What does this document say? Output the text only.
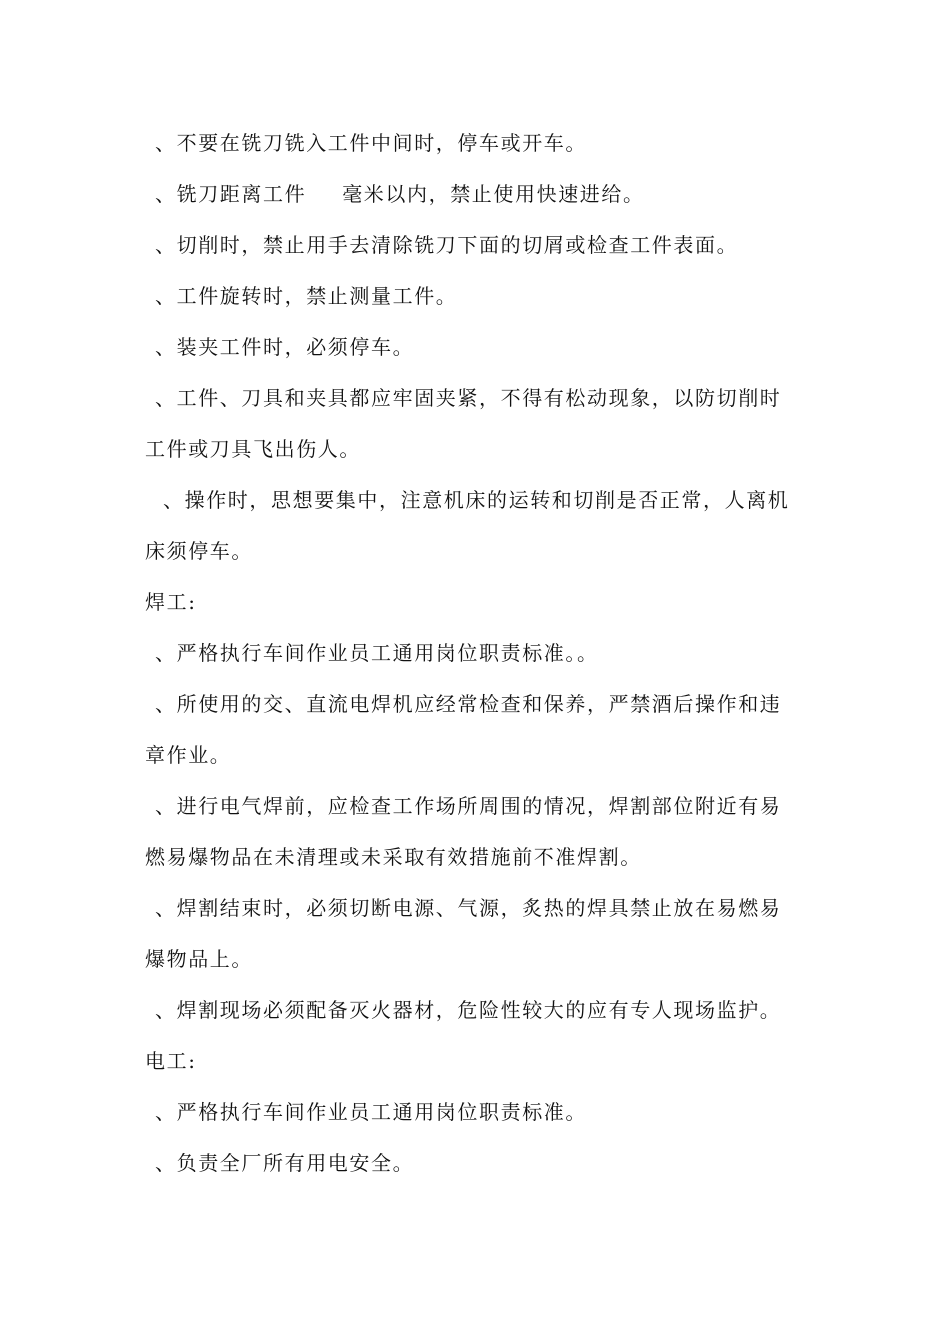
、不要在铣刀铣入工件中间时，停车或开车。
、铣刀距离工件 毫米以内，禁止使用快速进给。
、切削时，禁止用手去清除铣刀下面的切屑或检查工件表面。
、工件旋转时，禁止测量工件。
、装夹工件时，必须停车。
、工件、刀具和夹具都应牢固夹紧，不得有松动现象，以防切削时
工件或刀具飞出伤人。
、操作时，思想要集中，注意机床的运转和切削是否正常，人离机
床须停车。
焊工:
、严格执行车间作业员工通用岗位职责标准。。
、所使用的交、直流电焊机应经常检查和保养，严禁酒后操作和违
章作业。
、进行电气焊前，应检查工作场所周围的情况，焊割部位附近有易
燃易爆物品在未清理或未采取有效措施前不准焊割。
、焊割结束时，必须切断电源、气源，炙热的焊具禁止放在易燃易
爆物品上。
、焊割现场必须配备灭火器材，危险性较大的应有专人现场监护。
电工:
、严格执行车间作业员工通用岗位职责标准。
、负责全厂所有用电安全。
